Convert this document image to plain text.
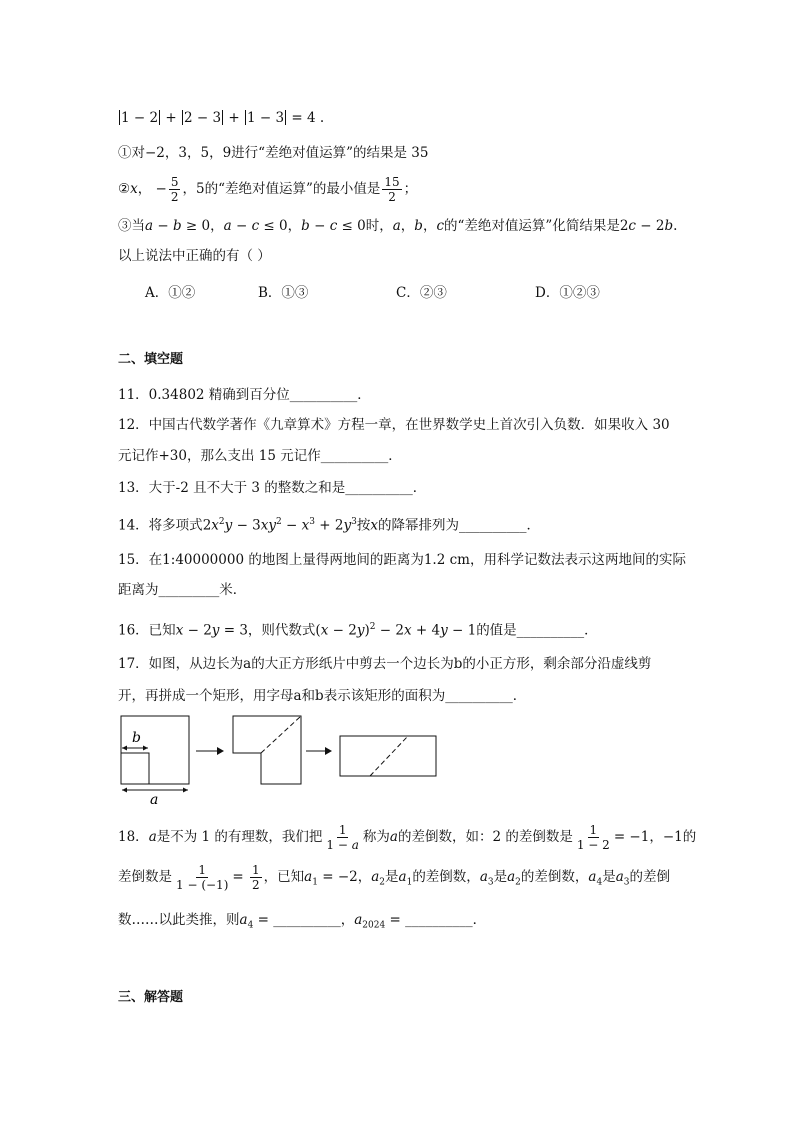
1 − 2 + 2 − 3 + 1 − 3 = 4 .
①对−2，3，5，9进行“差绝对值运算”的结果是 35
②x， − $\frac{5}{2}$ ，5的“差绝对值运算”的最小值是 $\frac{15}{2}$ ；
③当a − b ≥ 0，a − c ≤ 0，b − c ≤ 0时，a，b，c的“差绝对值运算”化简结果是2c − 2b.
以上说法中正确的有（ ）
A．①②	B．①③	C．②③	D．①②③
二、填空题
11．0.34802 精确到百分位__________．
12．中国古代数学著作《九章算术》方程一章，在世界数学史上首次引入负数．如果收入 30
元记作+30，那么支出 15 元记作__________．
13．大于-2 且不大于 3 的整数之和是__________．
14．将多项式$2x^2y - 3xy^2 - x^3 + 2y^3$按x的降幂排列为__________．
15．在1:40000000 的地图上量得两地间的距离为1.2 cm，用科学记数法表示这两地间的实际
距离为_________米．
16．已知x − 2y = 3，则代数式$(x - 2y)^2 - 2x + 4y - 1$的值是__________．
17．如图，从边长为a的大正方形纸片中剪去一个边长为b的小正方形，剩余部分沿虚线剪
开，再拼成一个矩形，用字母a和b表示该矩形的面积为__________．
b
a
18．a是不为 1 的有理数，我们把 $\frac{1}{1 - a}$ 称为a的差倒数，如：2 的差倒数是 $\frac{1}{1 - 2} = -1$，−1的
差倒数是 $\frac{1}{1 - (-1)} = \frac{1}{2}$ ，已知$a_1 = -2$，$a_2$是$a_1$的差倒数，$a_3$是$a_2$的差倒数，$a_4$是$a_3$的差倒
数……以此类推，则$a_4$ = __________，$a_{2024}$ = __________．
三、解答题
